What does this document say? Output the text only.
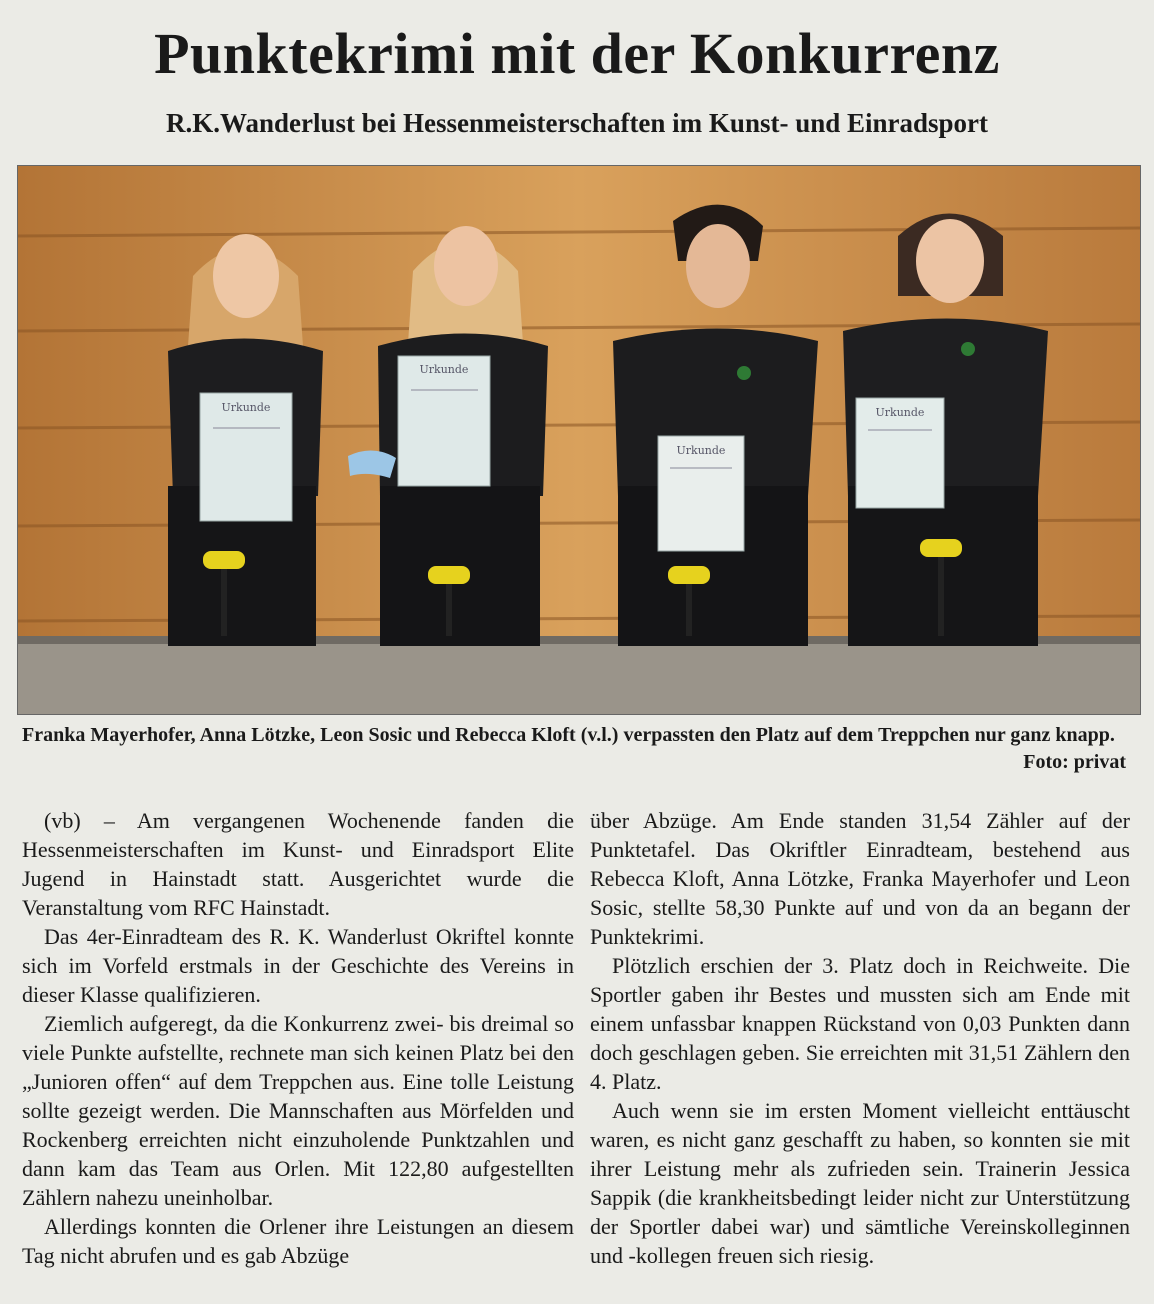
Punktekrimi mit der Konkurrenz
R.K.Wanderlust bei Hessenmeisterschaften im Kunst- und Einradsport
Urkunde
Urkunde
Urkunde
Urkunde

Franka Mayerhofer, Anna Lötzke, Leon Sosic und Rebecca Kloft (v.l.) verpassten den Platz auf dem Treppchen nur ganz knapp.

Foto: privat

(vb) – Am vergangenen Wochenende fanden die Hessenmeisterschaften im Kunst- und Einradsport Elite Jugend in Hainstadt statt. Ausgerichtet wurde die Veranstaltung vom RFC Hainstadt.

Das 4er-Einradteam des R. K. Wanderlust Okriftel konnte sich im Vorfeld erstmals in der Geschichte des Vereins in dieser Klasse qualifizieren.

Ziemlich aufgeregt, da die Konkurrenz zwei- bis dreimal so viele Punkte aufstellte, rechnete man sich keinen Platz bei den „Junioren offen“ auf dem Treppchen aus. Eine tolle Leistung sollte gezeigt werden. Die Mannschaften aus Mörfelden und Rockenberg erreichten nicht einzuholende Punktzahlen und dann kam das Team aus Orlen. Mit 122,80 aufgestellten Zählern nahezu uneinholbar.

Allerdings konnten die Orlener ihre Leistungen an diesem Tag nicht abrufen und es gab Abzüge

über Abzüge. Am Ende standen 31,54 Zähler auf der Punktetafel. Das Okriftler Einradteam, bestehend aus Rebecca Kloft, Anna Lötzke, Franka Mayerhofer und Leon Sosic, stellte 58,30 Punkte auf und von da an begann der Punktekrimi.

Plötzlich erschien der 3. Platz doch in Reichweite. Die Sportler gaben ihr Bestes und mussten sich am Ende mit einem unfassbar knappen Rückstand von 0,03 Punkten dann doch geschlagen geben. Sie erreichten mit 31,51 Zählern den 4. Platz.

Auch wenn sie im ersten Moment vielleicht enttäuscht waren, es nicht ganz geschafft zu haben, so konnten sie mit ihrer Leistung mehr als zufrieden sein. Trainerin Jessica Sappik (die krankheitsbedingt leider nicht zur Unterstützung der Sportler dabei war) und sämtliche Vereinskolleginnen und -kollegen freuen sich riesig.
